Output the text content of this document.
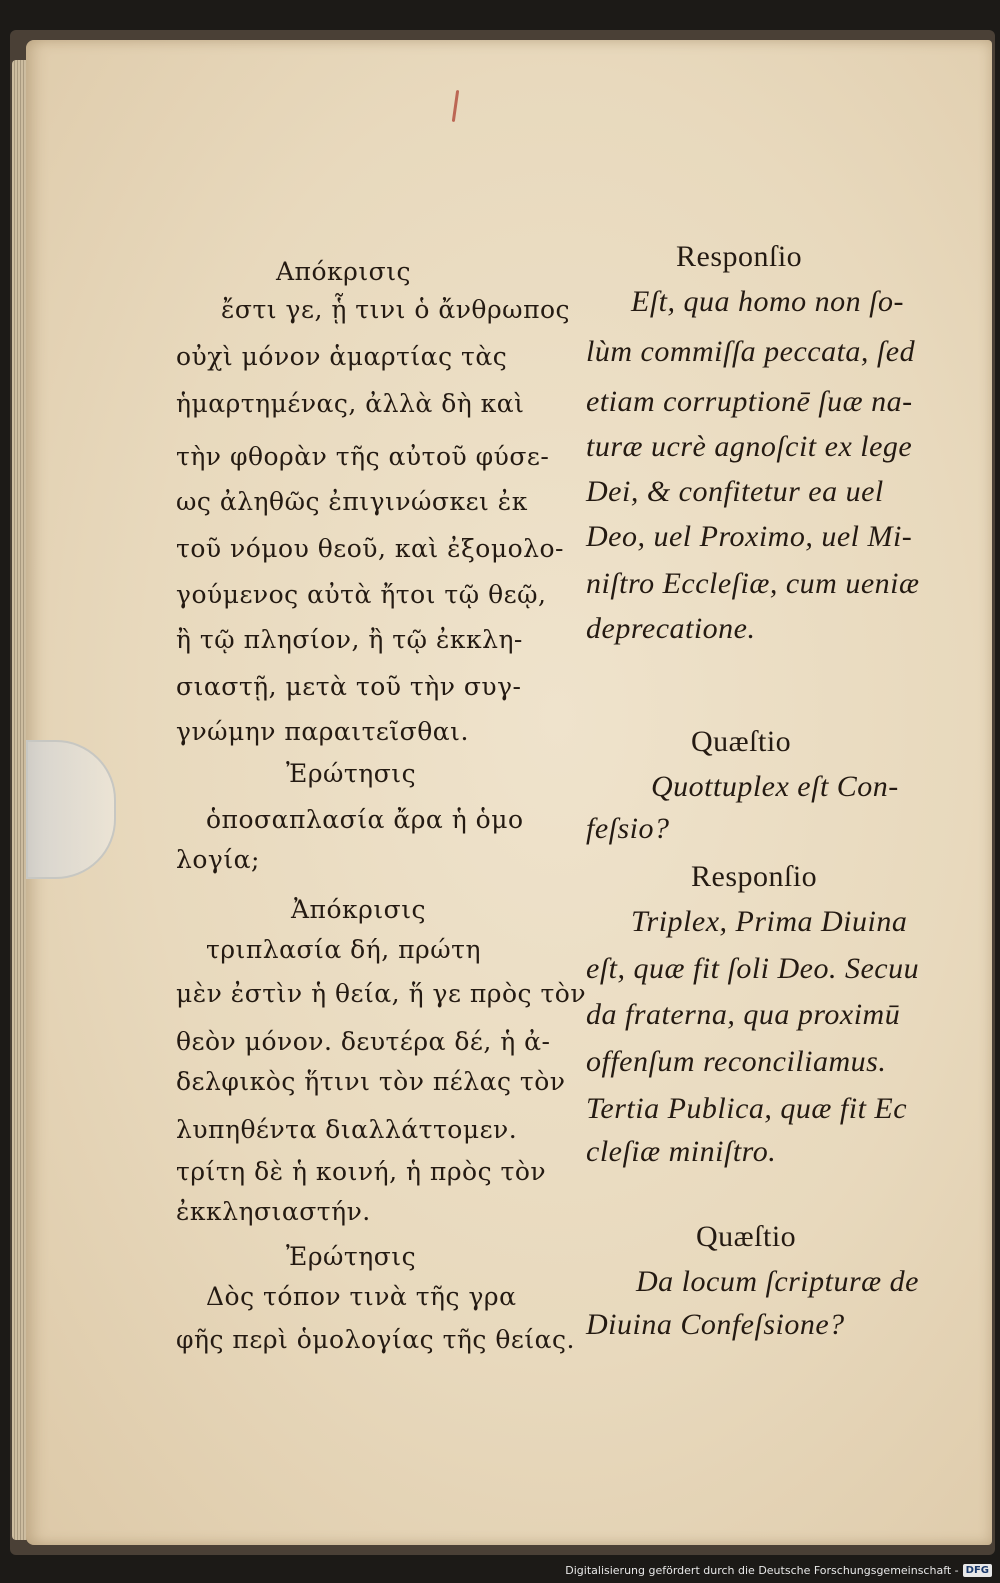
Απόκρισις
ἔστι γε, ᾗ τινι ὁ ἄνθρωπος
οὐχὶ μόνον ἁμαρτίας τὰς
ἡμαρτημένας, ἀλλὰ δὴ καὶ
τὴν φθορὰν τῆς αὐτοῦ φύσε-
ως ἀληθῶς ἐπιγινώσκει ἐκ
τοῦ νόμου θεοῦ, καὶ ἐξομολο-
γούμενος αὐτὰ ἤτοι τῷ θεῷ,
ἢ τῷ πλησίον, ἢ τῷ ἐκκλη-
σιαστῇ, μετὰ τοῦ τὴν συγ-
γνώμην παραιτεῖσθαι.
Ἐρώτησις
ὁποσαπλασία ἄρα ἡ ὁμο
λογία;
Ἀπόκρισις
τριπλασία δή, πρώτη
μὲν ἐστὶν ἡ θεία, ἥ γε πρὸς τὸν
θεὸν μόνον. δευτέρα δέ, ἡ ἀ-
δελφικὸς ἥτινι τὸν πέλας τὸν
λυπηθέντα διαλλάττομεν.
τρίτη δὲ ἡ κοινή, ἡ πρὸς τὸν
ἐκκλησιαστήν.
Ἐρώτησις
Δὸς τόπον τινὰ τῆς γρα
φῆς περὶ ὁμολογίας τῆς θείας.
Responſio
Eſt, qua homo non ſo-
lùm commiſſa peccata, ſed
etiam corruptionē ſuæ na-
turæ ucrè agnoſcit ex lege
Dei, & confitetur ea uel
Deo, uel Proximo, uel Mi-
niſtro Eccleſiæ, cum ueniæ
deprecatione.
Quæſtio
Quottuplex eſt Con-
feſsio?
Responſio
Triplex, Prima Diuina
eſt, quæ fit ſoli Deo. Secuu
da fraterna, qua proximū
offenſum reconciliamus.
Tertia Publica, quæ fit Ec
cleſiæ miniſtro.
Quæſtio
Da locum ſcripturæ de
Diuina Confeſsione?
Digitalisierung gefördert durch die Deutsche Forschungsgemeinschaft - DFG
